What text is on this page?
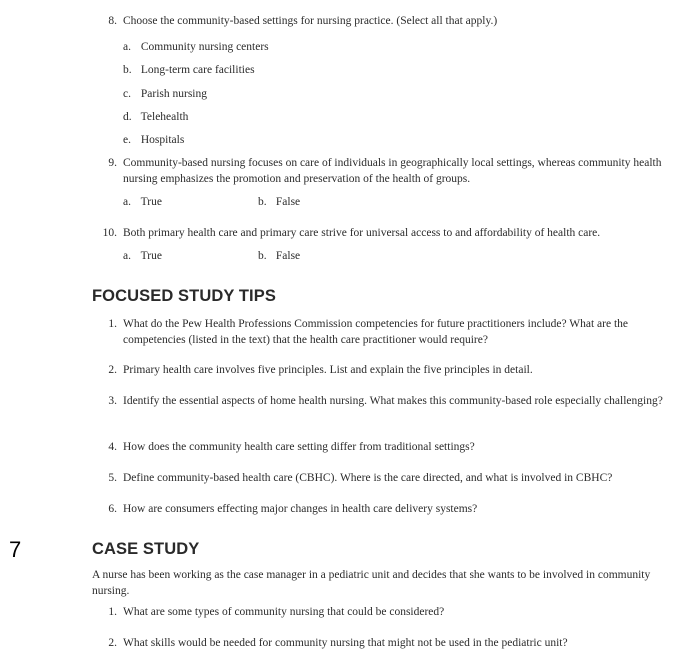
8. Choose the community-based settings for nursing practice. (Select all that apply.)
a. Community nursing centers
b. Long-term care facilities
c. Parish nursing
d. Telehealth
e. Hospitals
9. Community-based nursing focuses on care of individuals in geographically local settings, whereas community health nursing emphasizes the promotion and preservation of the health of groups.
a. True	b. False
10. Both primary health care and primary care strive for universal access to and affordability of health care.
a. True	b. False
FOCUSED STUDY TIPS
1. What do the Pew Health Professions Commission competencies for future practitioners include? What are the competencies (listed in the text) that the health care practitioner would require?
2. Primary health care involves five principles. List and explain the five principles in detail.
3. Identify the essential aspects of home health nursing. What makes this community-based role especially challenging?
4. How does the community health care setting differ from traditional settings?
5. Define community-based health care (CBHC). Where is the care directed, and what is involved in CBHC?
6. How are consumers effecting major changes in health care delivery systems?
7	CASE STUDY
A nurse has been working as the case manager in a pediatric unit and decides that she wants to be involved in community nursing.
1. What are some types of community nursing that could be considered?
2. What skills would be needed for community nursing that might not be used in the pediatric unit?
